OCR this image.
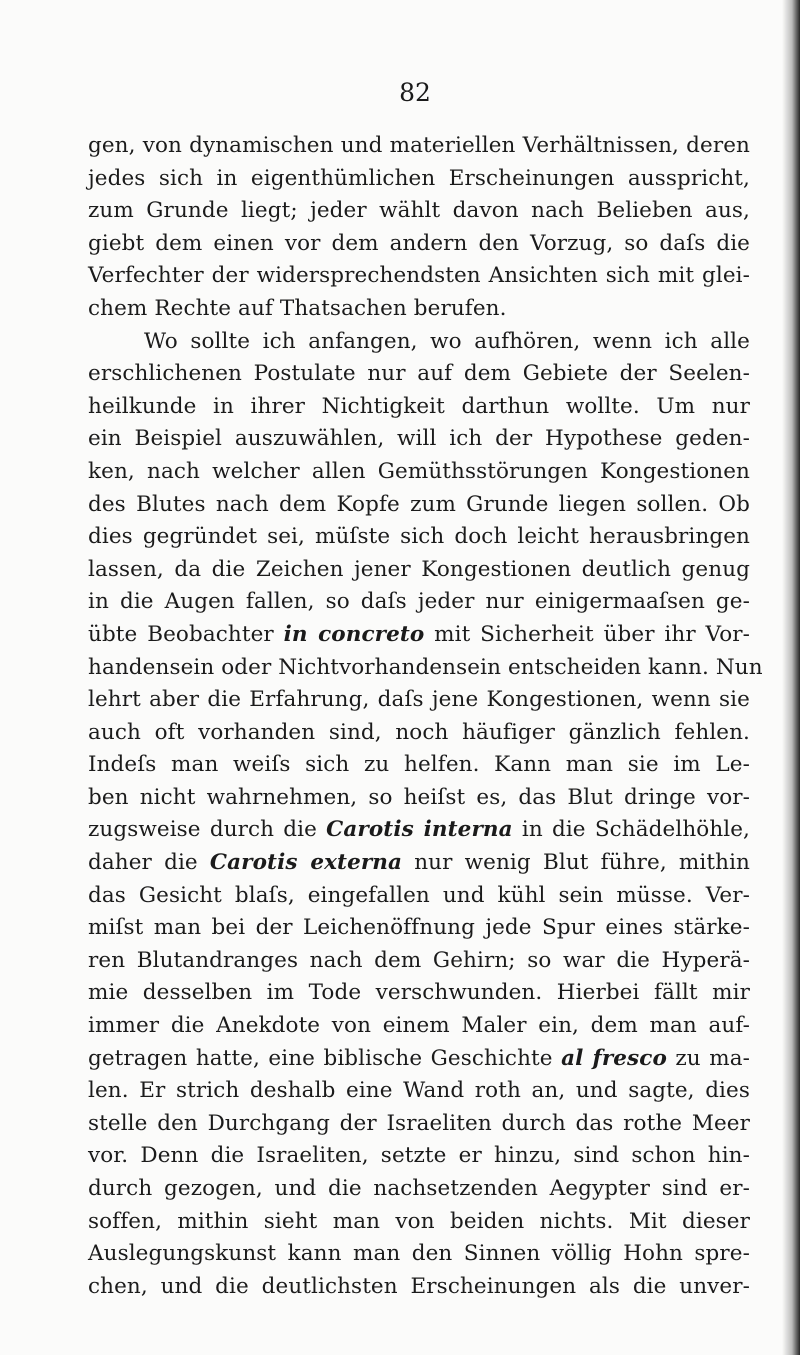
82
gen, von dynamischen und materiellen Verhältnissen, deren
jedes sich in eigenthümlichen Erscheinungen ausspricht,
zum Grunde liegt; jeder wählt davon nach Belieben aus,
giebt dem einen vor dem andern den Vorzug, so daſs die
Verfechter der widersprechendsten Ansichten sich mit glei-
chem Rechte auf Thatsachen berufen.
Wo sollte ich anfangen, wo aufhören, wenn ich alle
erschlichenen Postulate nur auf dem Gebiete der Seelen-
heilkunde in ihrer Nichtigkeit darthun wollte. Um nur
ein Beispiel auszuwählen, will ich der Hypothese geden-
ken, nach welcher allen Gemüthsstörungen Kongestionen
des Blutes nach dem Kopfe zum Grunde liegen sollen. Ob
dies gegründet sei, müſste sich doch leicht herausbringen
lassen, da die Zeichen jener Kongestionen deutlich genug
in die Augen fallen, so daſs jeder nur einigermaaſsen ge-
übte Beobachter in concreto mit Sicherheit über ihr Vor-
handensein oder Nichtvorhandensein entscheiden kann. Nun
lehrt aber die Erfahrung, daſs jene Kongestionen, wenn sie
auch oft vorhanden sind, noch häufiger gänzlich fehlen.
Indeſs man weiſs sich zu helfen. Kann man sie im Le-
ben nicht wahrnehmen, so heiſst es, das Blut dringe vor-
zugsweise durch die Carotis interna in die Schädelhöhle,
daher die Carotis externa nur wenig Blut führe, mithin
das Gesicht blaſs, eingefallen und kühl sein müsse. Ver-
miſst man bei der Leichenöffnung jede Spur eines stärke-
ren Blutandranges nach dem Gehirn; so war die Hyperä-
mie desselben im Tode verschwunden. Hierbei fällt mir
immer die Anekdote von einem Maler ein, dem man auf-
getragen hatte, eine biblische Geschichte al fresco zu ma-
len. Er strich deshalb eine Wand roth an, und sagte, dies
stelle den Durchgang der Israeliten durch das rothe Meer
vor. Denn die Israeliten, setzte er hinzu, sind schon hin-
durch gezogen, und die nachsetzenden Aegypter sind er-
soffen, mithin sieht man von beiden nichts. Mit dieser
Auslegungskunst kann man den Sinnen völlig Hohn spre-
chen, und die deutlichsten Erscheinungen als die unver-
